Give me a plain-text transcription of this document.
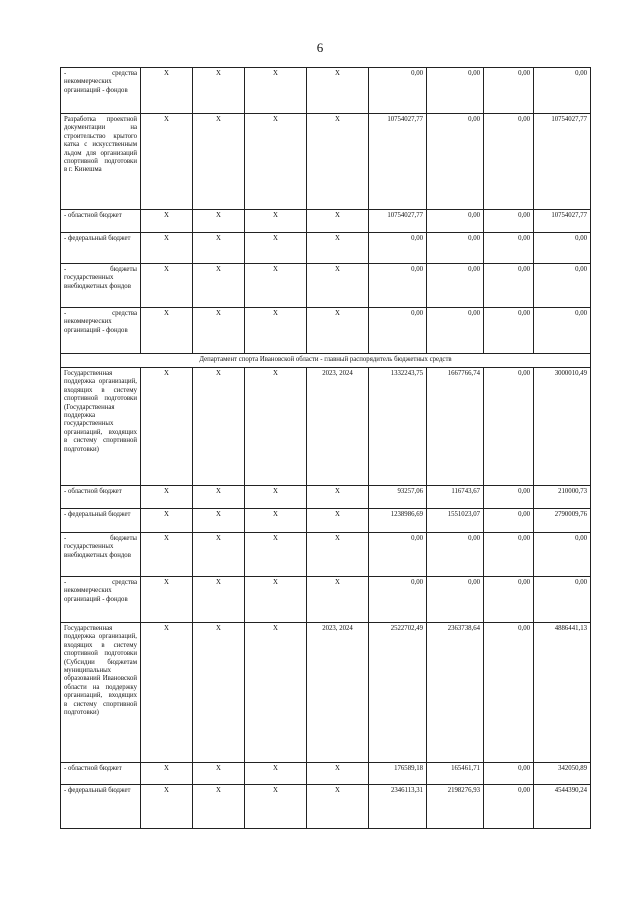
6
- средства некоммерческих организаций - фондов	X	X	X	X	0,00	0,00	0,00	0,00
Разработка проектной документации на строительство крытого катка с искусственным льдом для организаций спортивной подготовки в г. Кинешма	X	X	X	X	10754027,77	0,00	0,00	10754027,77
- областной бюджет	X	X	X	X	10754027,77	0,00	0,00	10754027,77
- федеральный бюджет	X	X	X	X	0,00	0,00	0,00	0,00
- бюджеты государственных внебюджетных фондов	X	X	X	X	0,00	0,00	0,00	0,00
- средства некоммерческих организаций - фондов	X	X	X	X	0,00	0,00	0,00	0,00
Департамент спорта Ивановской области - главный распорядитель бюджетных средств								
Государственная поддержка организаций, входящих в систему спортивной подготовки (Государственная поддержка государственных организаций, входящих в систему спортивной подготовки)	X	X	X	2023, 2024	1332243,75	1667766,74	0,00	3000010,49
- областной бюджет	X	X	X	X	93257,06	116743,67	0,00	210000,73
- федеральный бюджет	X	X	X	X	1238986,69	1551023,07	0,00	2790009,76
- бюджеты государственных внебюджетных фондов	X	X	X	X	0,00	0,00	0,00	0,00
- средства некоммерческих организаций - фондов	X	X	X	X	0,00	0,00	0,00	0,00
Государственная поддержка организаций, входящих в систему спортивной подготовки (Субсидии бюджетам муниципальных образований Ивановской области на поддержку организаций, входящих в систему спортивной подготовки)	X	X	X	2023, 2024	2522702,49	2363738,64	0,00	4886441,13
- областной бюджет	X	X	X	X	176589,18	165461,71	0,00	342050,89
- федеральный бюджет	X	X	X	X	2346113,31	2198276,93	0,00	4544390,24
